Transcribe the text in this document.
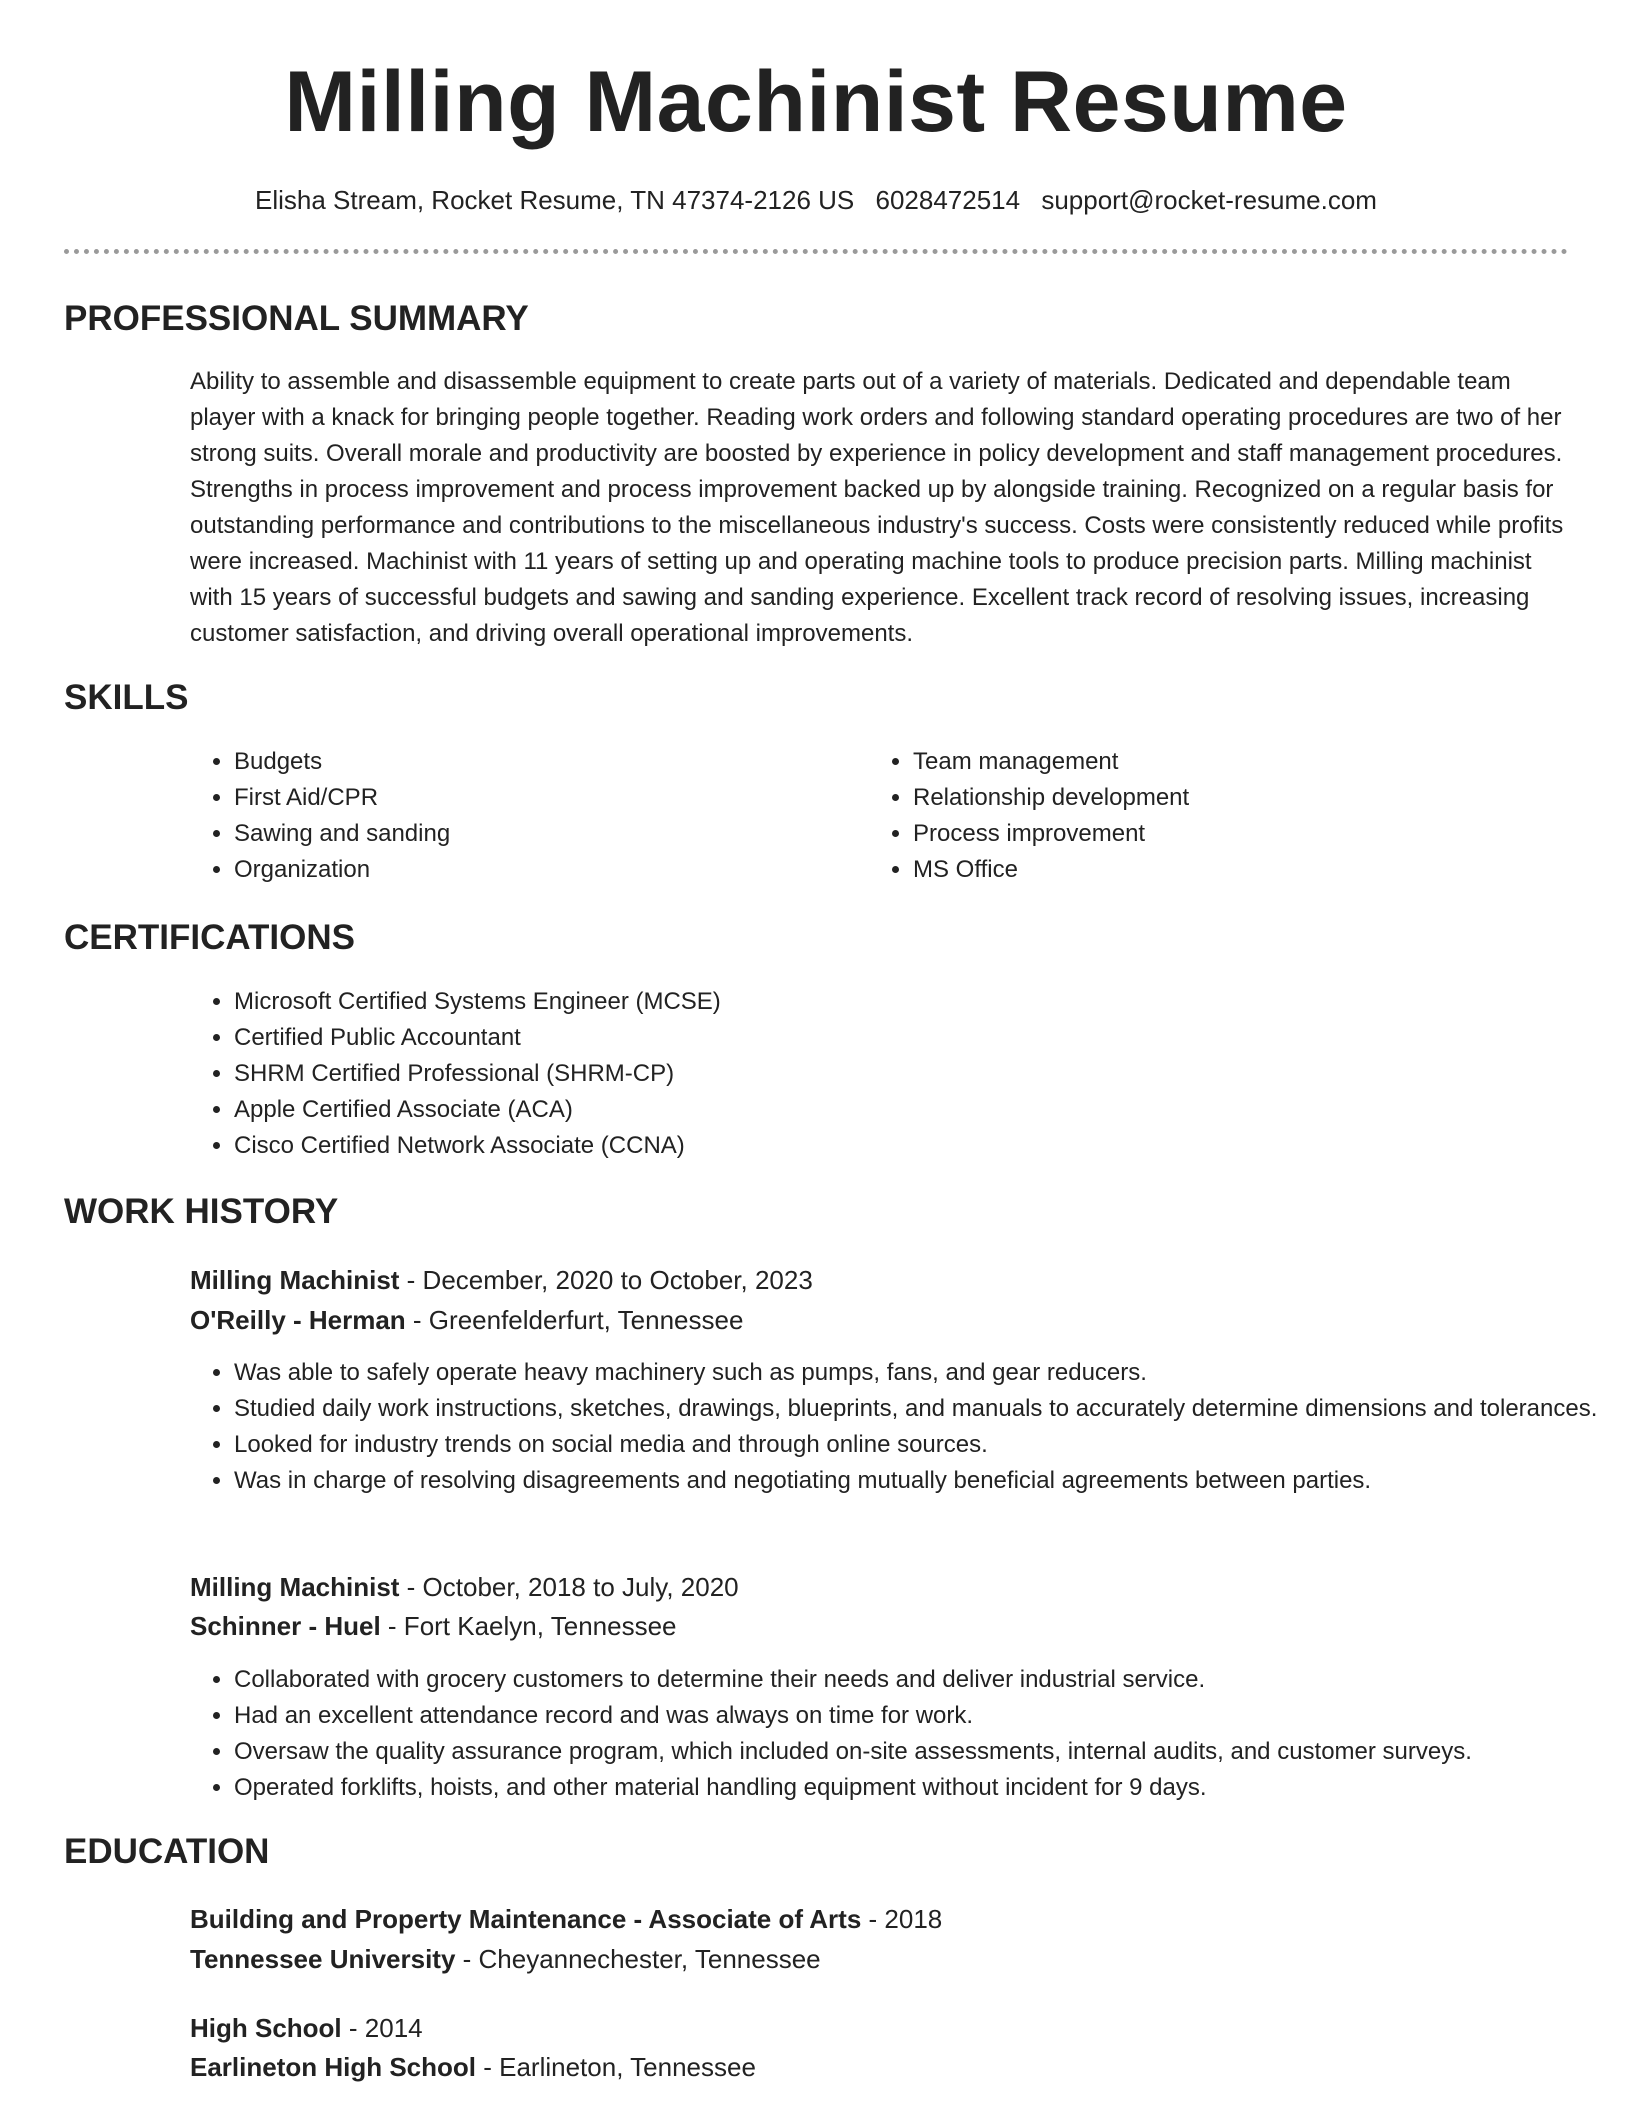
Milling Machinist Resume
Elisha Stream, Rocket Resume, TN 47374-2126 US 6028472514 support@rocket-resume.com
PROFESSIONAL SUMMARY

Ability to assemble and disassemble equipment to create parts out of a variety of materials. Dedicated and dependable team player with a knack for bringing people together. Reading work orders and following standard operating procedures are two of her strong suits. Overall morale and productivity are boosted by experience in policy development and staff management procedures. Strengths in process improvement and process improvement backed up by alongside training. Recognized on a regular basis for outstanding performance and contributions to the miscellaneous industry's success. Costs were consistently reduced while profits were increased. Machinist with 11 years of setting up and operating machine tools to produce precision parts. Milling machinist with 15 years of successful budgets and sawing and sanding experience. Excellent track record of resolving issues, increasing customer satisfaction, and driving overall operational improvements.

SKILLS
• Budgets
• First Aid/CPR
• Sawing and sanding
• Organization
• Team management
• Relationship development
• Process improvement
• MS Office
CERTIFICATIONS
• Microsoft Certified Systems Engineer (MCSE)
• Certified Public Accountant
• SHRM Certified Professional (SHRM-CP)
• Apple Certified Associate (ACA)
• Cisco Certified Network Associate (CCNA)
WORK HISTORY
Milling Machinist - December, 2020 to October, 2023
O'Reilly - Herman - Greenfelderfurt, Tennessee
• Was able to safely operate heavy machinery such as pumps, fans, and gear reducers.
• Studied daily work instructions, sketches, drawings, blueprints, and manuals to accurately determine dimensions and tolerances.
• Looked for industry trends on social media and through online sources.
• Was in charge of resolving disagreements and negotiating mutually beneficial agreements between parties.
Milling Machinist - October, 2018 to July, 2020
Schinner - Huel - Fort Kaelyn, Tennessee
• Collaborated with grocery customers to determine their needs and deliver industrial service.
• Had an excellent attendance record and was always on time for work.
• Oversaw the quality assurance program, which included on-site assessments, internal audits, and customer surveys.
• Operated forklifts, hoists, and other material handling equipment without incident for 9 days.
EDUCATION
Building and Property Maintenance - Associate of Arts - 2018
Tennessee University - Cheyannechester, Tennessee
High School - 2014
Earlineton High School - Earlineton, Tennessee
